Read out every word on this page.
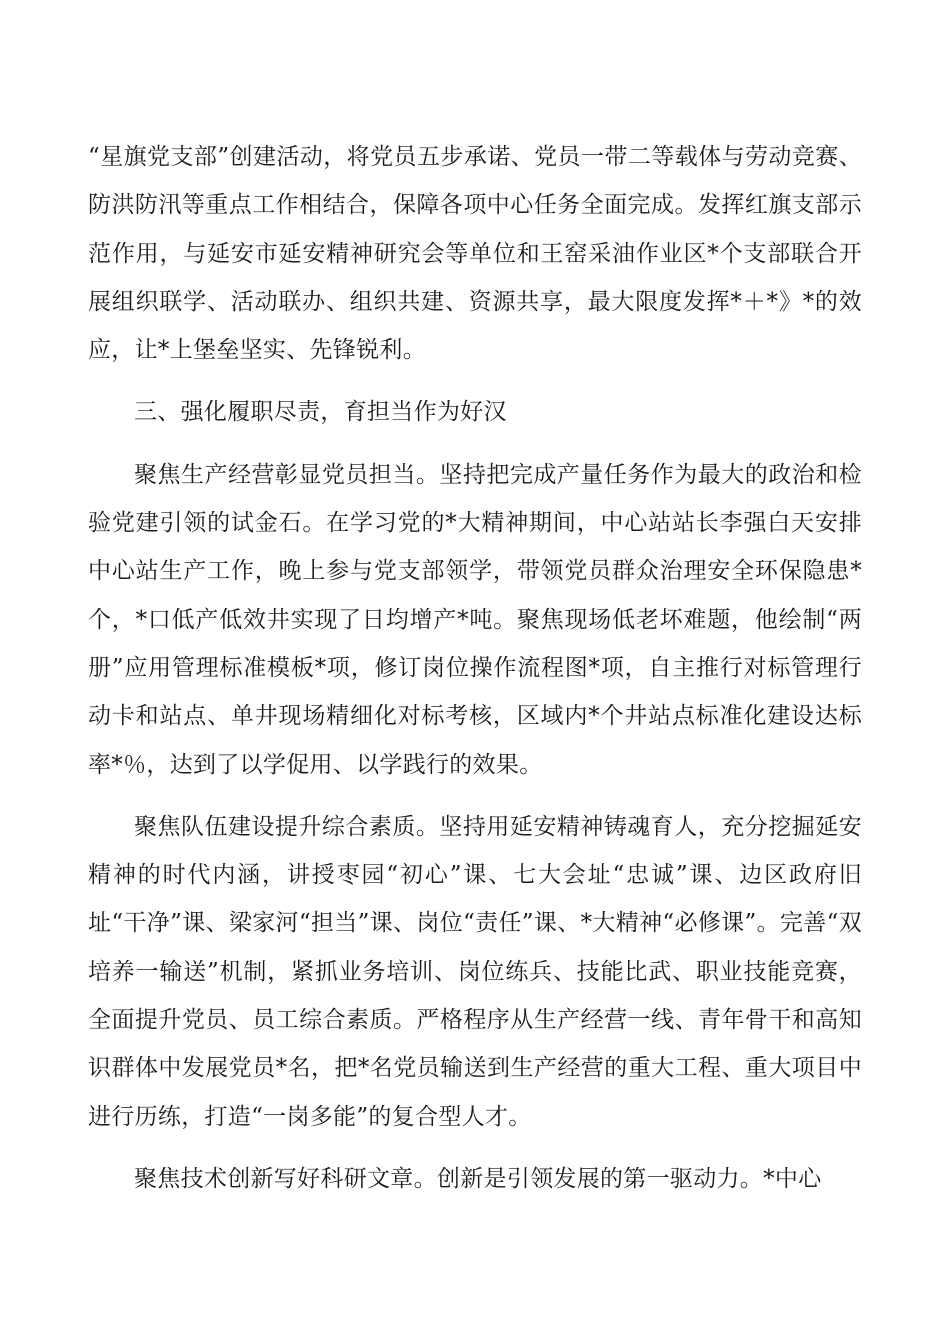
“星旗党支部”创建活动，将党员五步承诺、党员一带二等载体与劳动竞赛、防洪防汛等重点工作相结合，保障各项中心任务全面完成。发挥红旗支部示范作用，与延安市延安精神研究会等单位和王窑采油作业区*个支部联合开展组织联学、活动联办、组织共建、资源共享，最大限度发挥*＋*》*的效应，让*上堡垒坚实、先锋锐利。

三、强化履职尽责，育担当作为好汉

聚焦生产经营彰显党员担当。坚持把完成产量任务作为最大的政治和检验党建引领的试金石。在学习党的*大精神期间，中心站站长李强白天安排中心站生产工作，晚上参与党支部领学，带领党员群众治理安全环保隐患*个，*口低产低效井实现了日均增产*吨。聚焦现场低老坏难题，他绘制“两册”应用管理标准模板*项，修订岗位操作流程图*项，自主推行对标管理行动卡和站点、单井现场精细化对标考核，区域内*个井站点标准化建设达标率*％，达到了以学促用、以学践行的效果。

聚焦队伍建设提升综合素质。坚持用延安精神铸魂育人，充分挖掘延安精神的时代内涵，讲授枣园“初心”课、七大会址“忠诚”课、边区政府旧址“干净”课、梁家河“担当”课、岗位“责任”课、*大精神“必修课”。完善“双培养一输送”机制，紧抓业务培训、岗位练兵、技能比武、职业技能竞赛，全面提升党员、员工综合素质。严格程序从生产经营一线、青年骨干和高知识群体中发展党员*名，把*名党员输送到生产经营的重大工程、重大项目中进行历练，打造“一岗多能”的复合型人才。

聚焦技术创新写好科研文章。创新是引领发展的第一驱动力。*中心
